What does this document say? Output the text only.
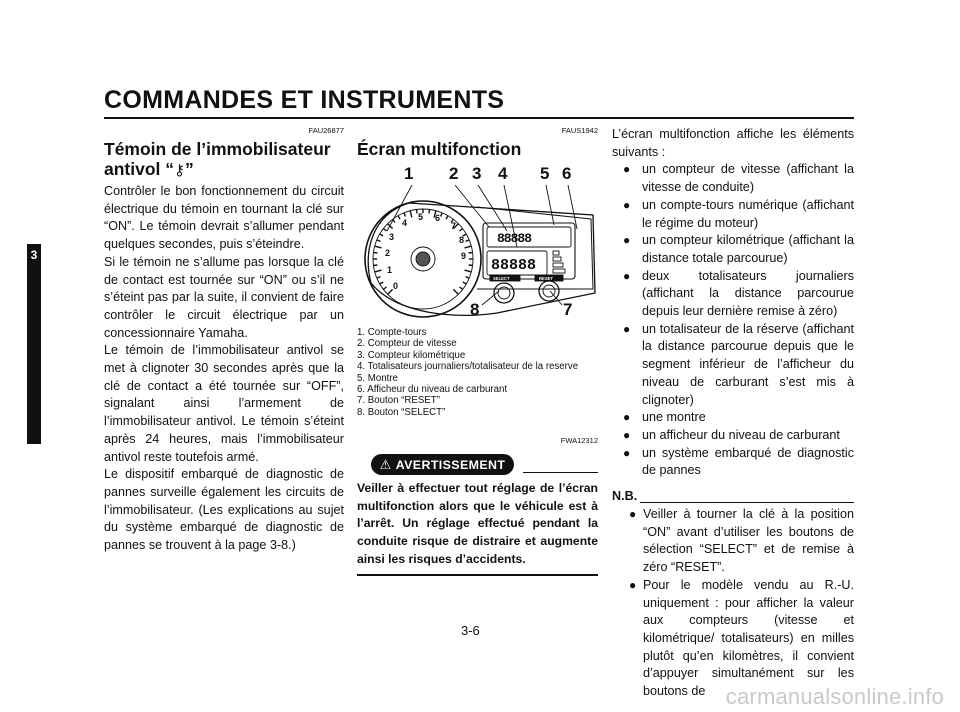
COMMANDES ET INSTRUMENTS
3
FAU26877
Témoin de l’immobilisateur
antivol “⚷”

Contrôler le bon fonctionnement du circuit électrique du témoin en tournant la clé sur “ON”. Le témoin devrait s’allumer pendant quelques secondes, puis s’éteindre.

Si le témoin ne s’allume pas lorsque la clé de contact est tournée sur “ON” ou s’il ne s’éteint pas par la suite, il convient de faire contrôler le circuit électrique par un concessionnaire Yamaha.

Le témoin de l’immobilisateur antivol se met à clignoter 30 secondes après que la clé de contact a été tournée sur “OFF”, signalant ainsi l’armement de l’immobilisateur antivol. Le témoin s’éteint après 24 heures, mais l’immobilisateur antivol reste toutefois armé.

Le dispositif embarqué de diagnostic de pannes surveille également les circuits de l’immobilisateur. (Les explications au sujet du système embarqué de diagnostic de pannes se trouvent à la page 3-8.)

FAUS1942
Écran multifonction
1 2 3 4 5 6
7
8
0
1
2
3
4
5 6
7
8
9
88888
88888
SELECT	RESET
1. Compte-tours
2. Compteur de vitesse
3. Compteur kilométrique
4. Totalisateurs journaliers/totalisateur de la reserve
5. Montre
6. Afficheur du niveau de carburant
7. Bouton “RESET”
8. Bouton “SELECT”
FWA12312
⚠ AVERTISSEMENT
Veiller à effectuer tout réglage de l’écran multifonction alors que le véhicule est à l’arrêt. Un réglage effectué pendant la conduite risque de distraire et augmente ainsi les risques d’accidents.

L’écran multifonction affiche les éléments suivants :

● un compteur de vitesse (affichant la vitesse de conduite)
● un compte-tours numérique (affichant le régime du moteur)
● un compteur kilométrique (affichant la distance totale parcourue)
● deux totalisateurs journaliers (affichant la distance parcourue depuis leur dernière remise à zéro)
● un totalisateur de la réserve (affichant la distance parcourue depuis que le segment inférieur de l’afficheur du niveau de carburant s’est mis à clignoter)
● une montre
● un afficheur du niveau de carburant
● un système embarqué de diagnostic de pannes
N.B.
● Veiller à tourner la clé à la position “ON” avant d’utiliser les boutons de sélection “SELECT” et de remise à zéro “RESET”.
● Pour le modèle vendu au R.-U. uniquement : pour afficher la valeur aux compteurs (vitesse et kilométrique/ totalisateurs) en milles plutôt qu’en kilomètres, il convient d’appuyer simultanément sur les boutons de
3-6
carmanualsonline.info
